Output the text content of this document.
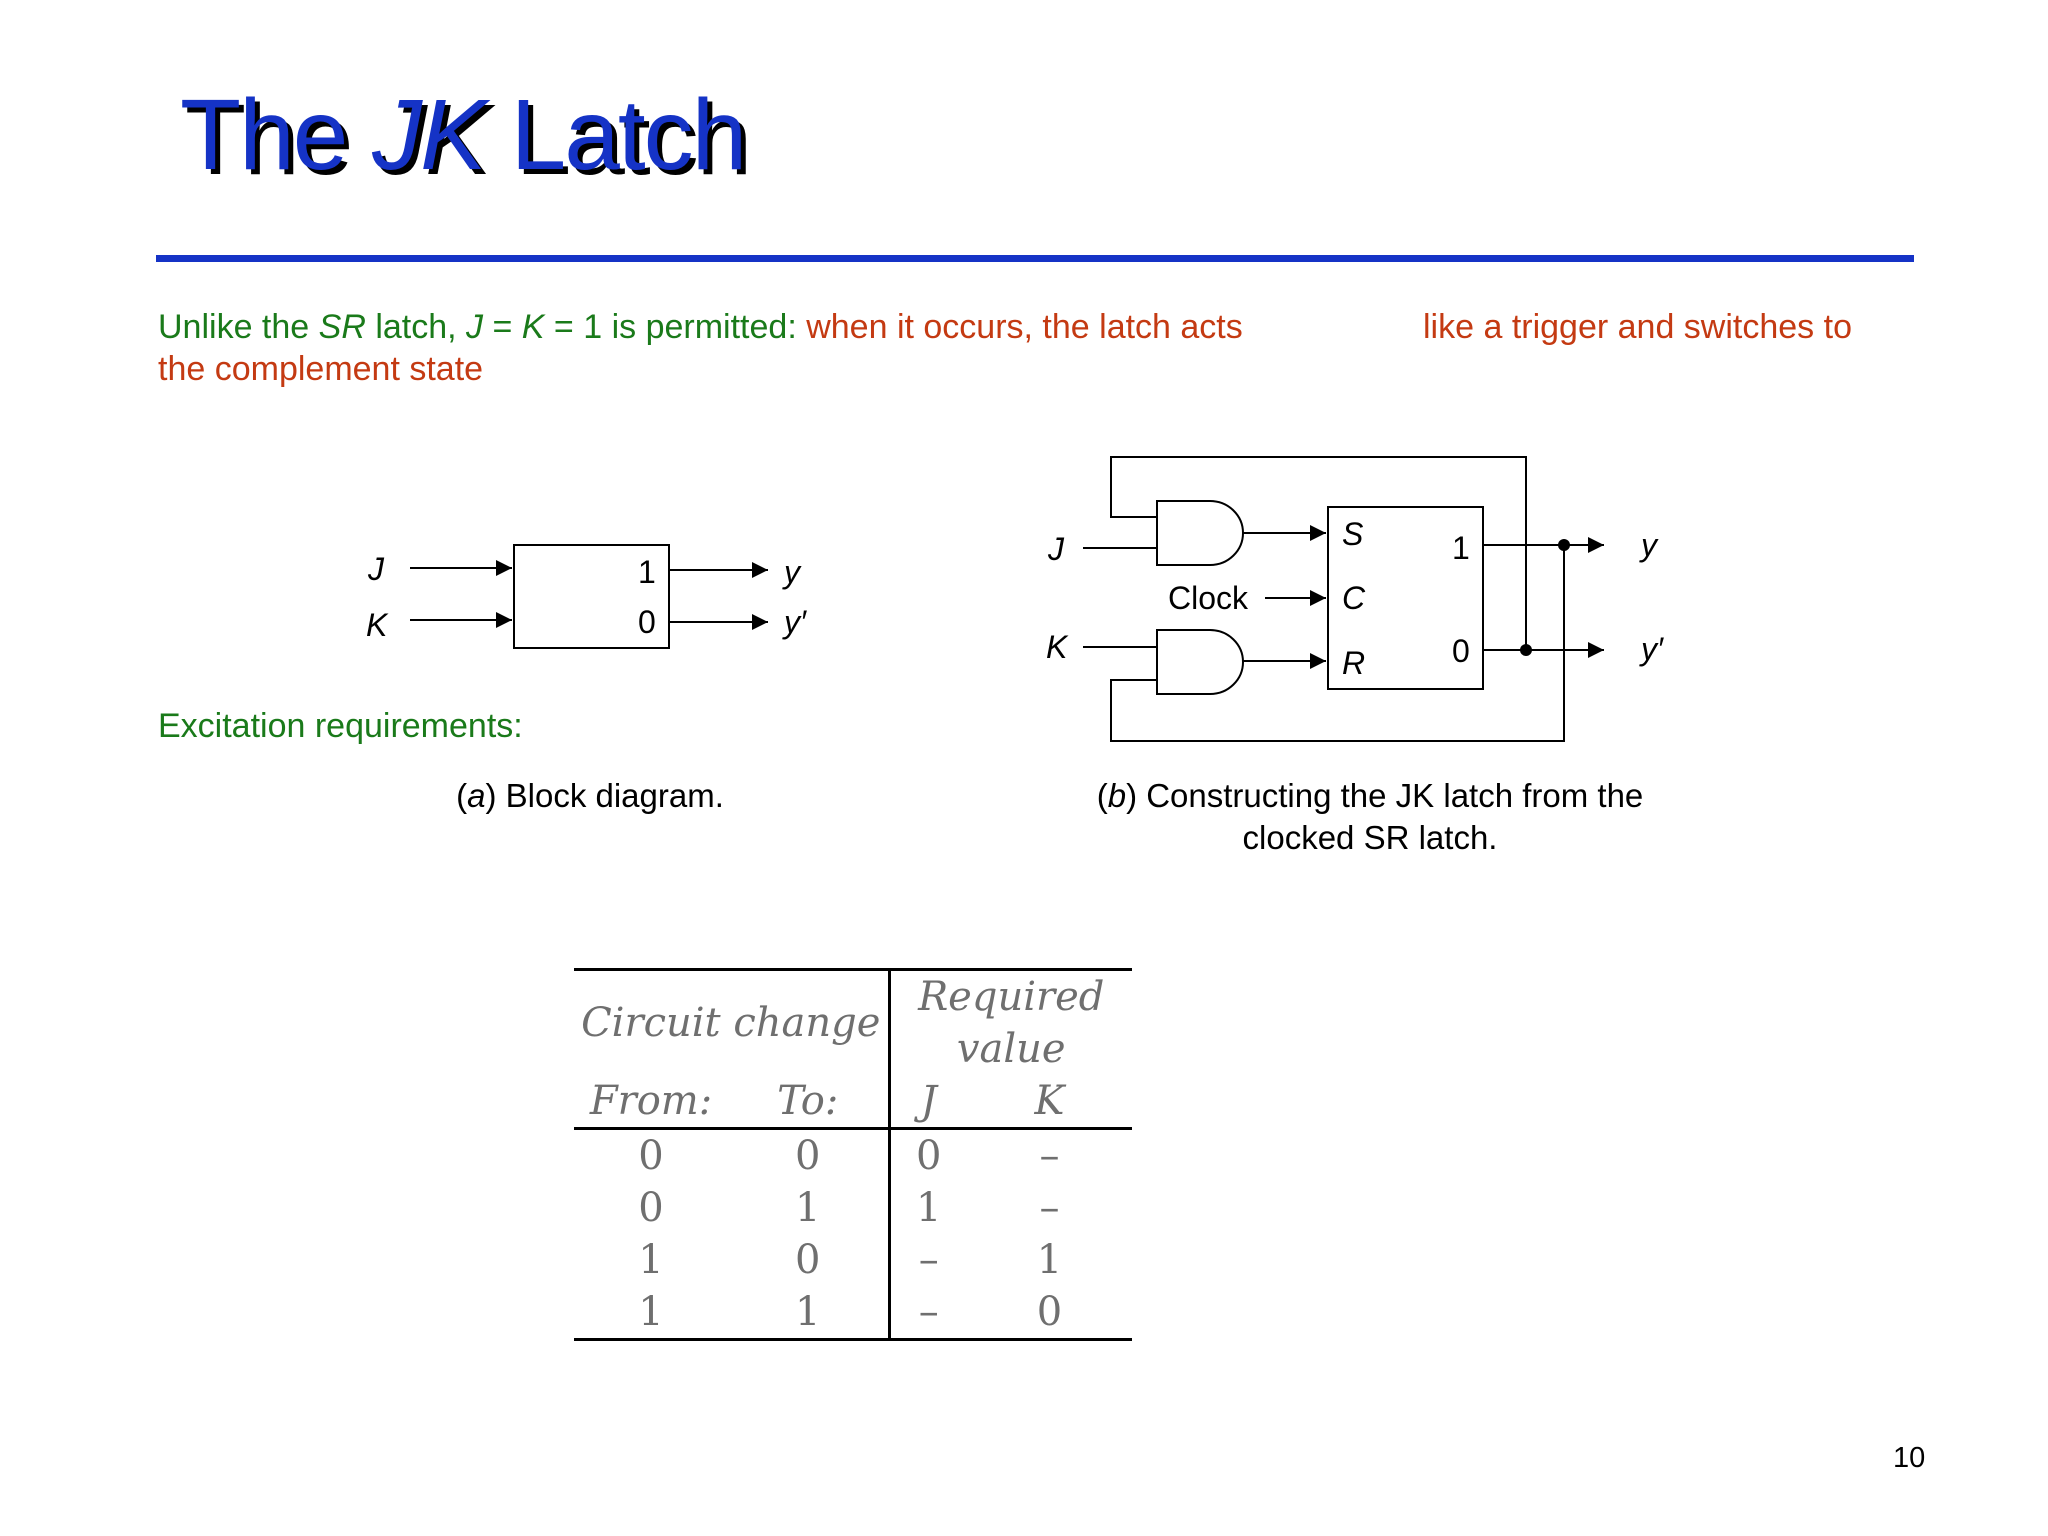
The JK Latch
Unlike the SR latch, J = K = 1 is permitted: when it occurs, the latch acts	like a trigger and switches to
the complement state
Excitation requirements:
J
K
1
0
y
y′
J
K
Clock
S
C
R
1
0
y
y′
(a) Block diagram.	(b) Constructing the JK latch from the
clocked SR latch.
Circuit change		Required value	
From:	To:	J	K
0	0	0	–
0	1	1	–
1	0	–	1
1	1	–	0
10
